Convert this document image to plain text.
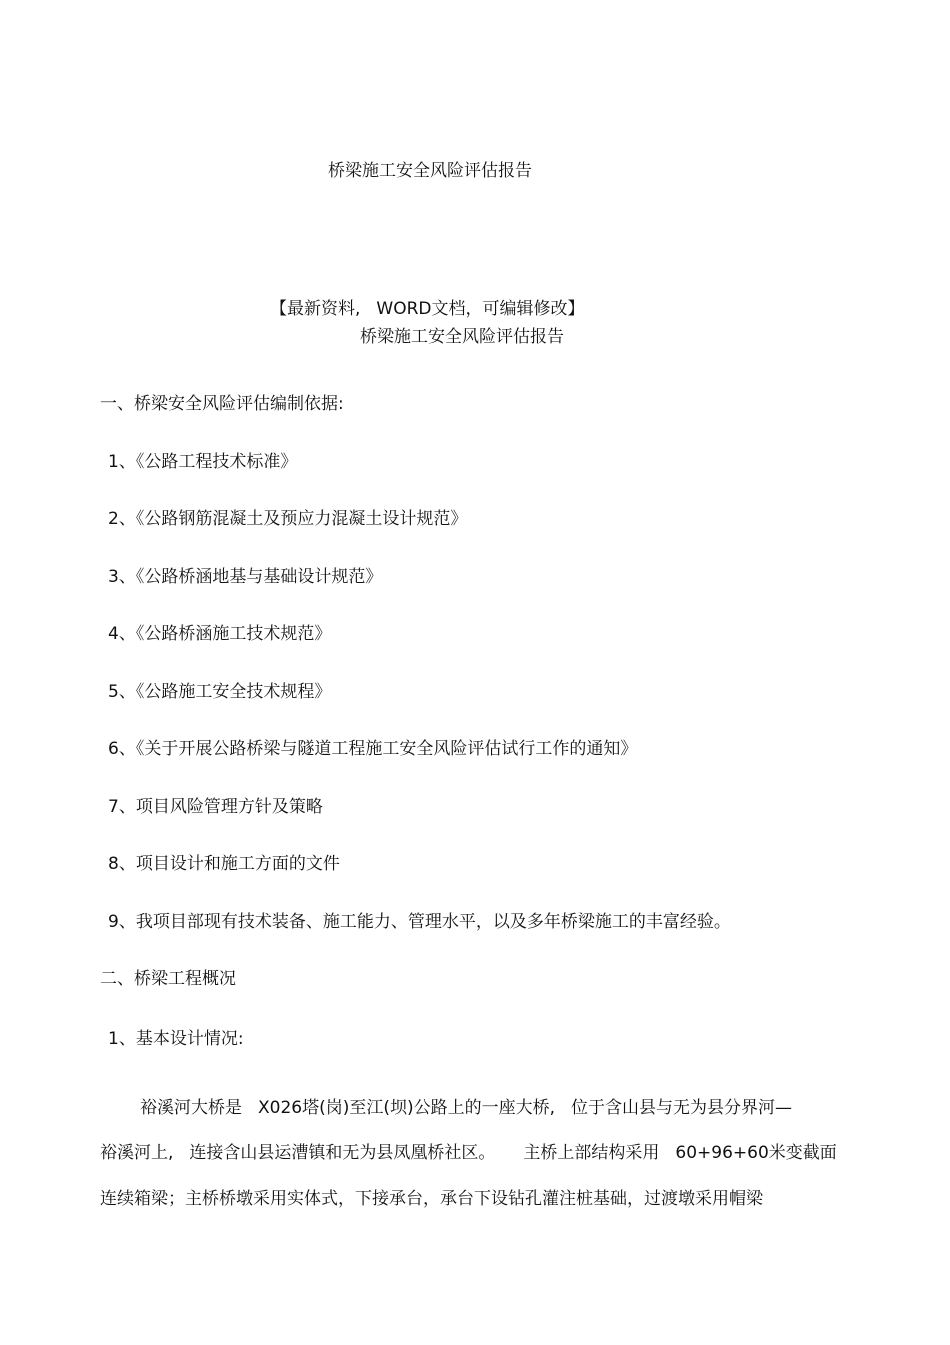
桥梁施工安全风险评估报告
【最新资料, WORD文档，可编辑修改】
桥梁施工安全风险评估报告
一、桥梁安全风险评估编制依据:
1、《公路工程技术标准》
2、《公路钢筋混凝土及预应力混凝土设计规范》
3、《公路桥涵地基与基础设计规范》
4、《公路桥涵施工技术规范》
5、《公路施工安全技术规程》
6、《关于开展公路桥梁与隧道工程施工安全风险评估试行工作的通知》
7、项目风险管理方针及策略
8、项目设计和施工方面的文件
9、我项目部现有技术装备、施工能力、管理水平，以及多年桥梁施工的丰富经验。
二、桥梁工程概况
1、基本设计情况:
裕溪河大桥是 X026塔(岗)至江(坝)公路上的一座大桥, 位于含山县与无为县分界河—
裕溪河上, 连接含山县运漕镇和无为县凤凰桥社区。 主桥上部结构采用 60+96+60米变截面
连续箱梁；主桥桥墩采用实体式，下接承台，承台下设钻孔灌注桩基础，过渡墩采用帽梁
